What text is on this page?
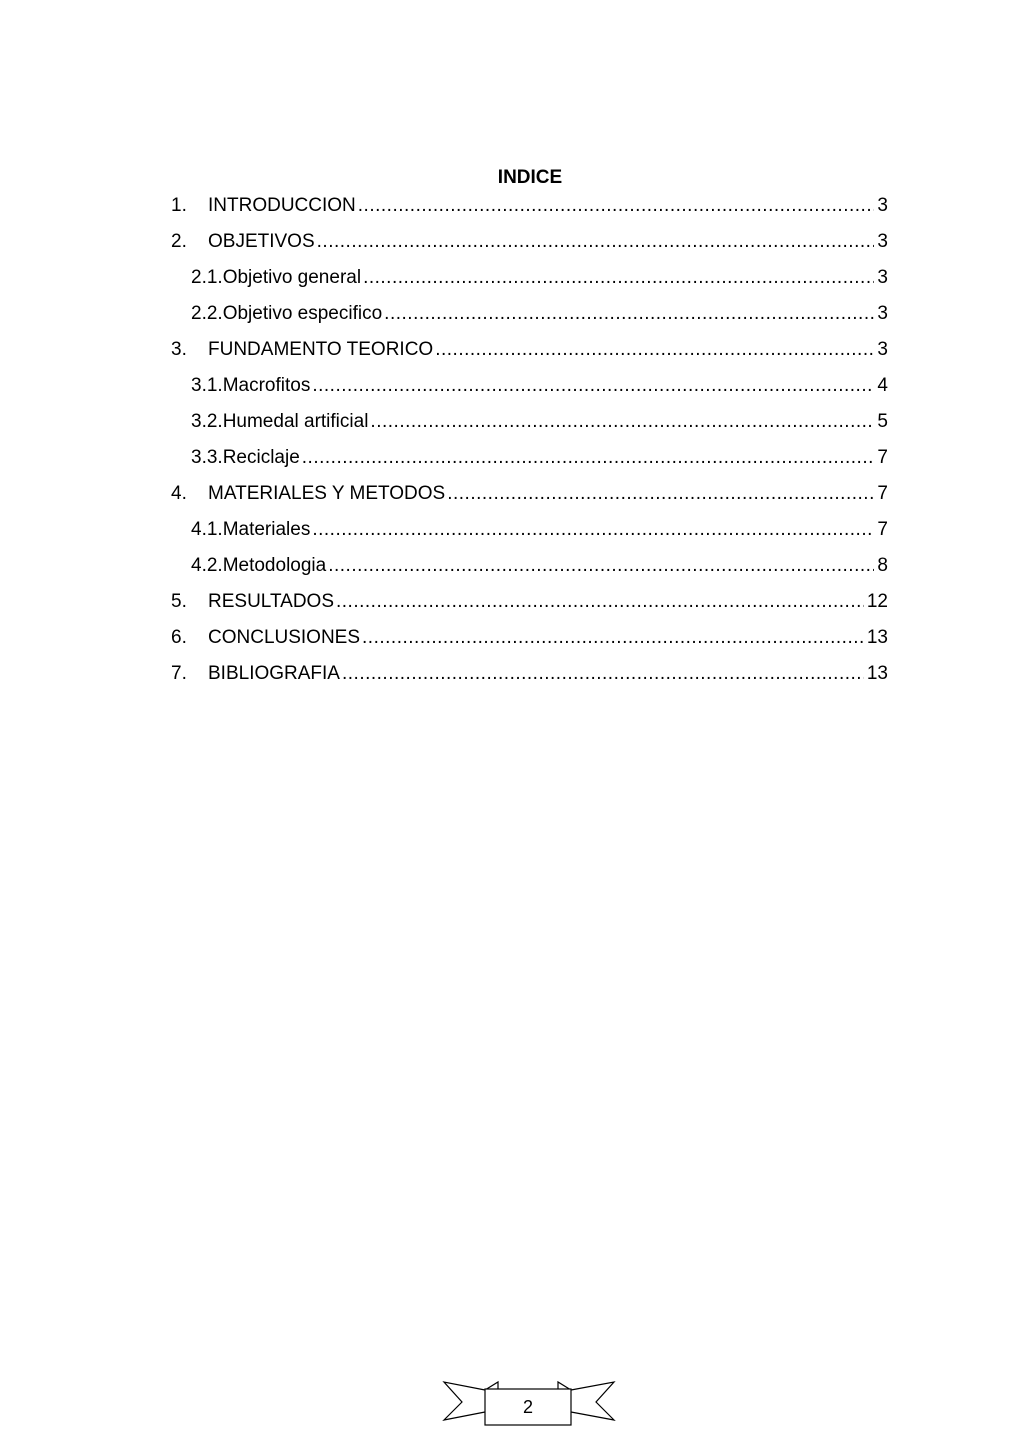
INDICE
1.	INTRODUCCION .....	3
2.	OBJETIVOS .....	3
2.1.Objetivo general .....	3
2.2.Objetivo especifico .....	3
3.	FUNDAMENTO TEORICO .....	3
3.1.Macrofitos .....	4
3.2.Humedal artificial .....	5
3.3.Reciclaje .....	7
4.	MATERIALES Y METODOS .....	7
4.1.Materiales .....	7
4.2.Metodologia .....	8
5.	RESULTADOS .....	12
6.	CONCLUSIONES .....	13
7.	BIBLIOGRAFIA .....	13
2
